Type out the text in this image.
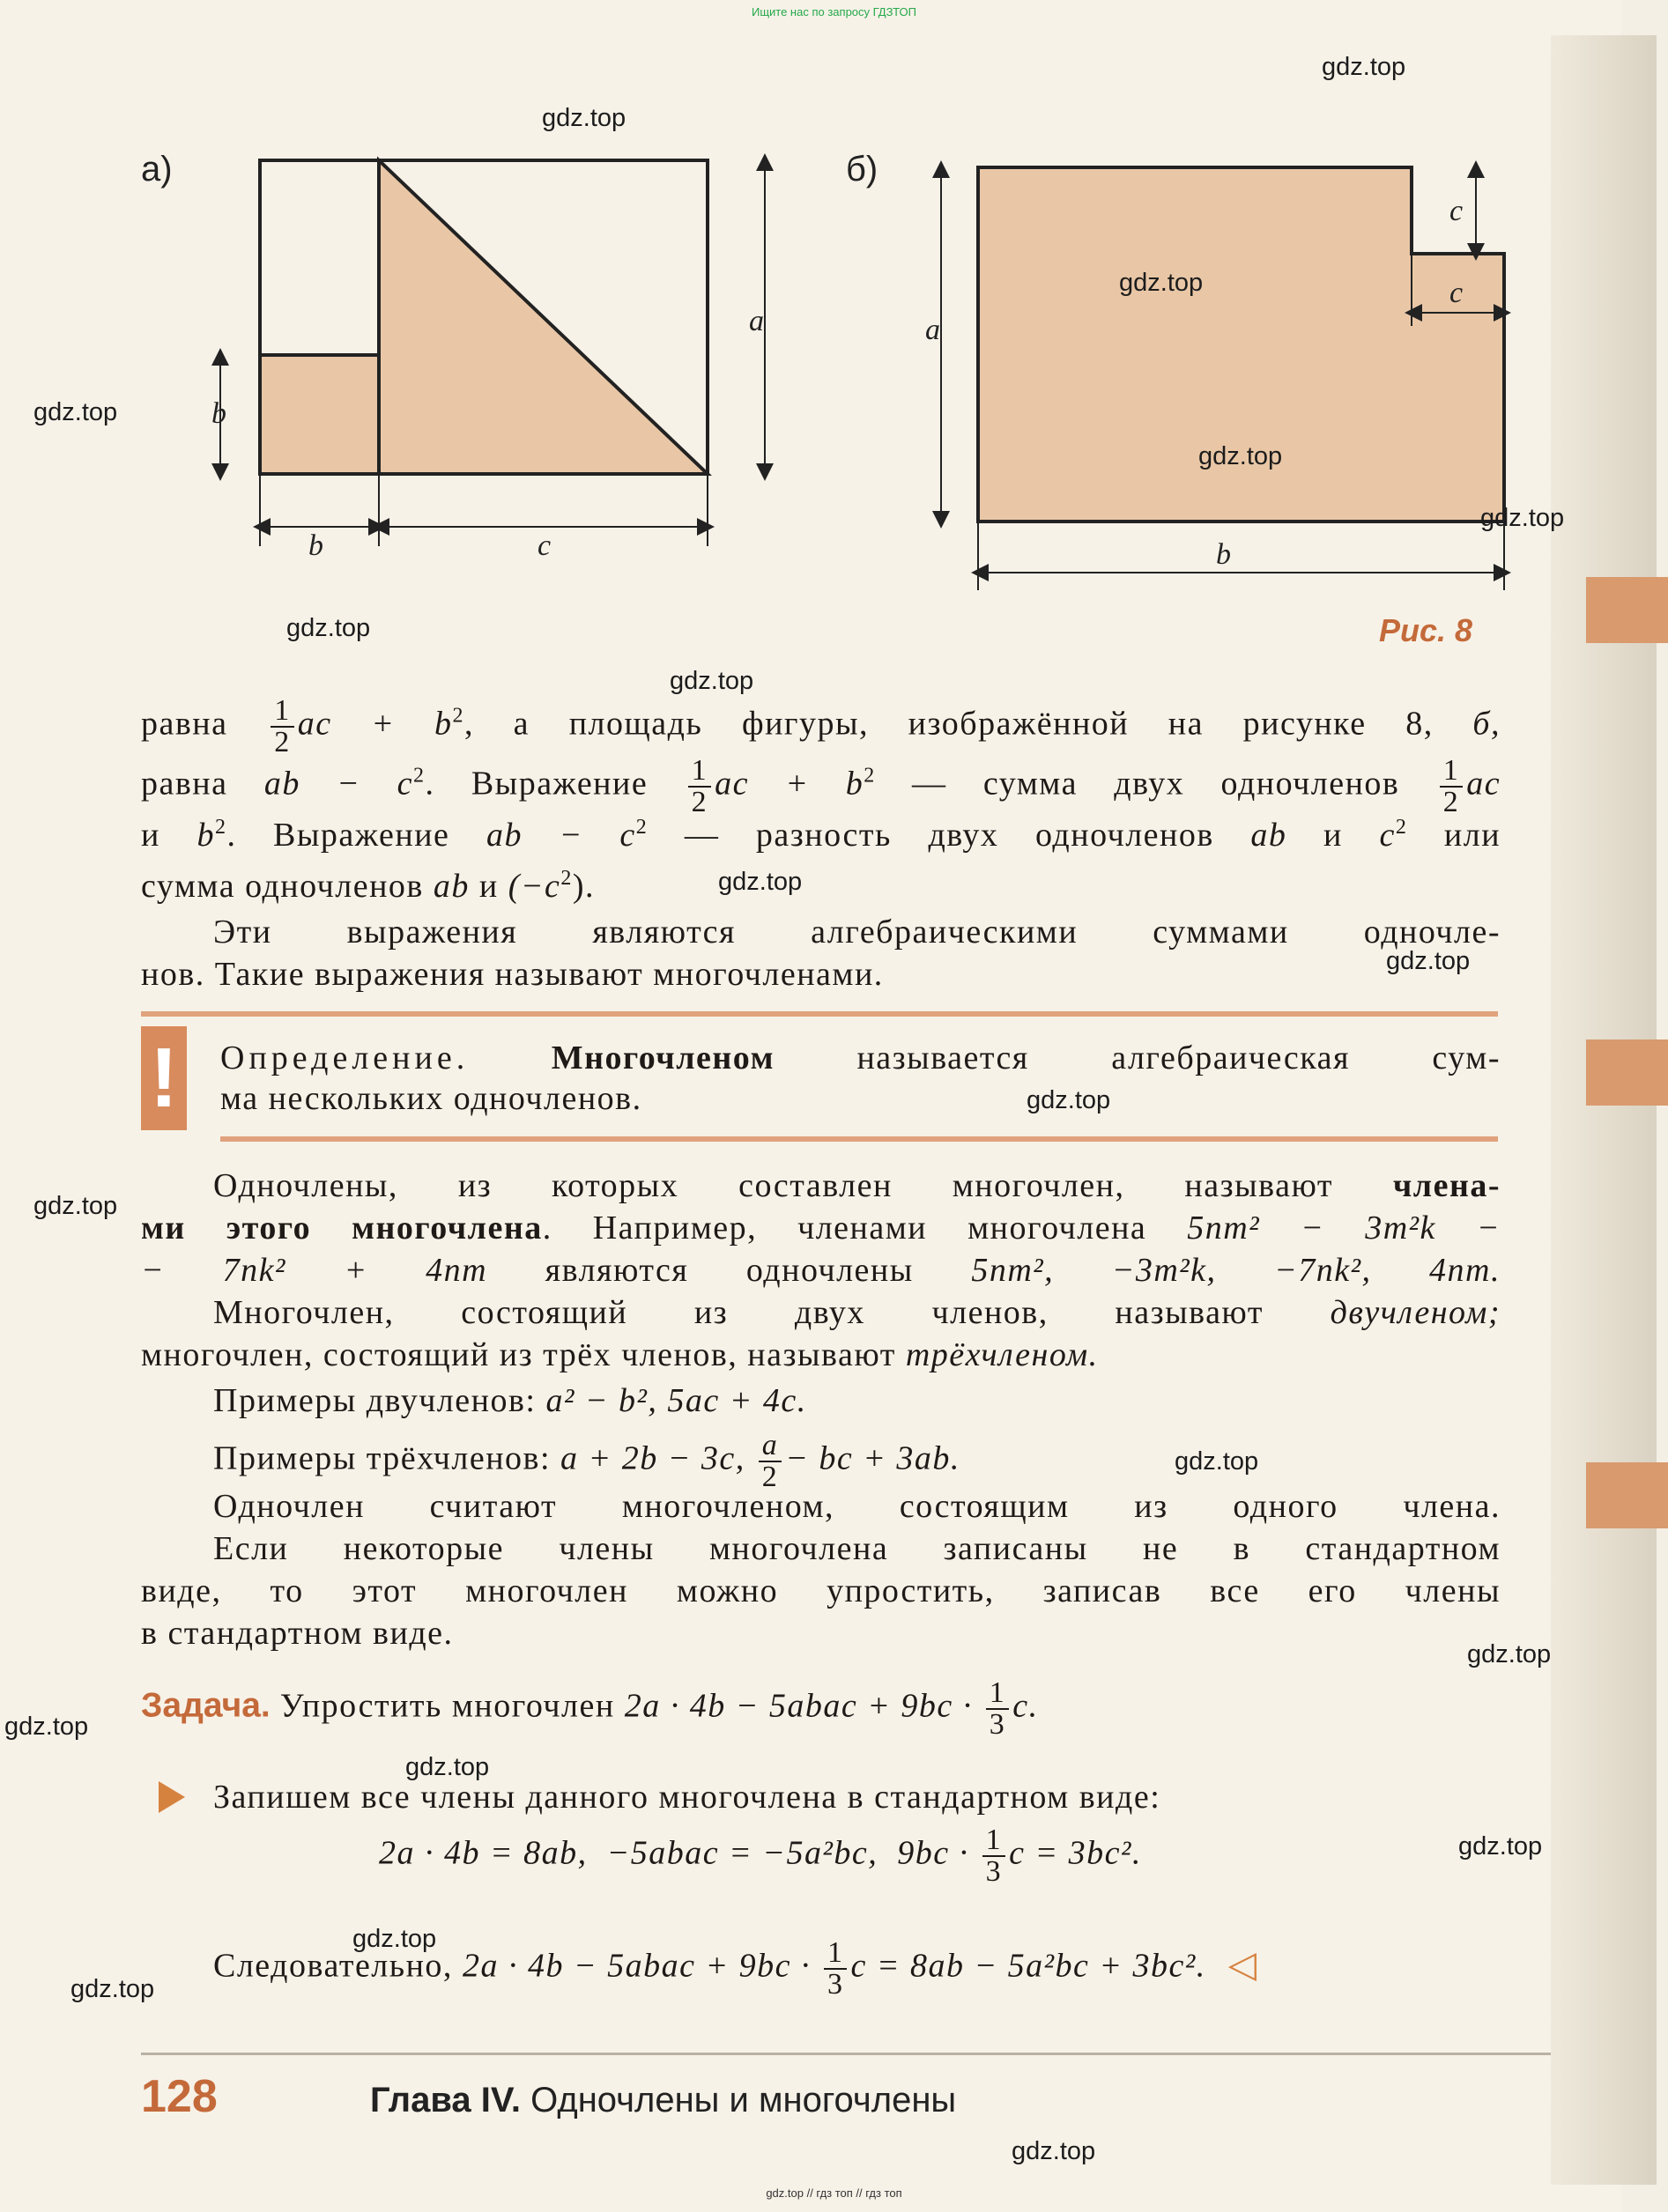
Ищите нас по запросу ГДЗТОП
а)	б)
b
a
b	c
a
c
c
b
Рис. 8
равна $\frac{1}{2}$ ac + $b^2$, а площадь фигуры, изображённой на рисунке 8, б,
равна ab − $c^2$. Выражение $\frac{1}{2}$ ac + $b^2$ — сумма двух одночленов $\frac{1}{2}$ ac
и $b^2$. Выражение ab − $c^2$ — разность двух одночленов ab и $c^2$ или
сумма одночленов ab и $(-c^2)$.
Эти выражения являются алгебраическими суммами одночле-
нов. Такие выражения называют многочленами.
! Определение. Многочленом называется алгебраическая сум-
ма нескольких одночленов.
Одночлены, из которых составлен многочлен, называют члена-
ми этого многочлена. Например, членами многочлена 5nm² − 3m²k −
− 7nk² + 4nm являются одночлены 5nm², −3m²k, −7nk², 4nm.
Многочлен, состоящий из двух членов, называют двучленом;
многочлен, состоящий из трёх членов, называют трёхчленом.
Примеры двучленов: a² − b², 5ac + 4c.
Примеры трёхчленов: a + 2b − 3c, $\frac{a}{2}$ − bc + 3ab.
Одночлен считают многочленом, состоящим из одного члена.
Если некоторые члены многочлена записаны не в стандартном
виде, то этот многочлен можно упростить, записав все его члены
в стандартном виде.
Задача. Упростить многочлен 2a · 4b − 5abac + $9bc \cdot \frac{1}{3} c$.
Запишем все члены данного многочлена в стандартном виде:
2a · 4b = 8ab, −5abac = −5a²bc, $9bc \cdot \frac{1}{3}$ c = 3bc².
Следовательно, 2a · 4b − 5abac + $9bc \cdot \frac{1}{3}$ c = 8ab − 5a²bc + 3bc². ◁
128	Глава IV. Одночлены и многочлены
gdz.top
gdz.top
gdz.top
gdz.top
gdz.top
gdz.top
gdz.top
gdz.top
gdz.top
gdz.top
gdz.top
gdz.top
gdz.top
gdz.top
gdz.top
gdz.top
gdz.top
gdz.top
gdz.top
gdz.top
gdz.top // гдз топ // гдз топ
